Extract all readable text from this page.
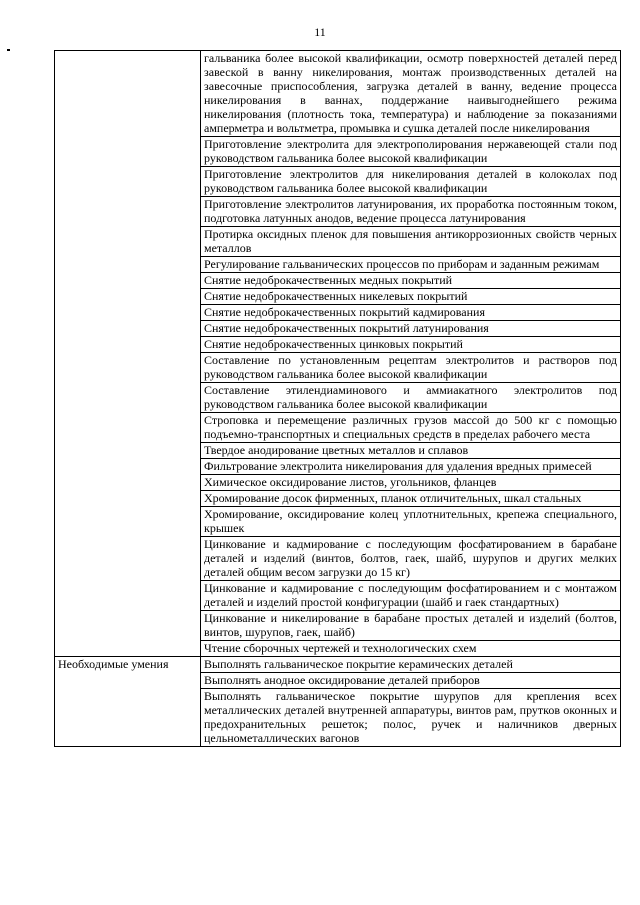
11
	гальваника более высокой квалификации, осмотр поверхностей деталей перед завеской в ванну никелирования, монтаж производственных деталей на завесочные приспособления, загрузка деталей в ванну, ведение процесса никелирования в ваннах, поддержание наивыгоднейшего режима никелирования (плотность тока, температура) и наблюдение за показаниями амперметра и вольтметра, промывка и сушка деталей после никелирования
	Приготовление электролита для электрополирования нержавеющей стали под руководством гальваника более высокой квалификации
	Приготовление электролитов для никелирования деталей в колоколах под руководством гальваника более высокой квалификации
	Приготовление электролитов латунирования, их проработка постоянным током, подготовка латунных анодов, ведение процесса латунирования
	Протирка оксидных пленок для повышения антикоррозионных свойств черных металлов
	Регулирование гальванических процессов по приборам и заданным режимам
	Снятие недоброкачественных медных покрытий
	Снятие недоброкачественных никелевых покрытий
	Снятие недоброкачественных покрытий кадмирования
	Снятие недоброкачественных покрытий латунирования
	Снятие недоброкачественных цинковых покрытий
	Составление по установленным рецептам электролитов и растворов под руководством гальваника более высокой квалификации
	Составление этилендиаминового и аммиакатного электролитов под руководством гальваника более высокой квалификации
	Строповка и перемещение различных грузов массой до 500 кг с помощью подъемно-транспортных и специальных средств в пределах рабочего места
	Твердое анодирование цветных металлов и сплавов
	Фильтрование электролита никелирования для удаления вредных примесей
	Химическое оксидирование листов, угольников, фланцев
	Хромирование досок фирменных, планок отличительных, шкал стальных
	Хромирование, оксидирование колец уплотнительных, крепежа специального, крышек
	Цинкование и кадмирование с последующим фосфатированием в барабане деталей и изделий (винтов, болтов, гаек, шайб, шурупов и других мелких деталей общим весом загрузки до 15 кг)
	Цинкование и кадмирование с последующим фосфатированием и с монтажом деталей и изделий простой конфигурации (шайб и гаек стандартных)
	Цинкование и никелирование в барабане простых деталей и изделий (болтов, винтов, шурупов, гаек, шайб)
	Чтение сборочных чертежей и технологических схем
Необходимые умения	Выполнять гальваническое покрытие керамических деталей
	Выполнять анодное оксидирование деталей приборов
	Выполнять гальваническое покрытие шурупов для крепления всех металлических деталей внутренней аппаратуры, винтов рам, прутков оконных и предохранительных решеток; полос, ручек и наличников дверных цельнометаллических вагонов
